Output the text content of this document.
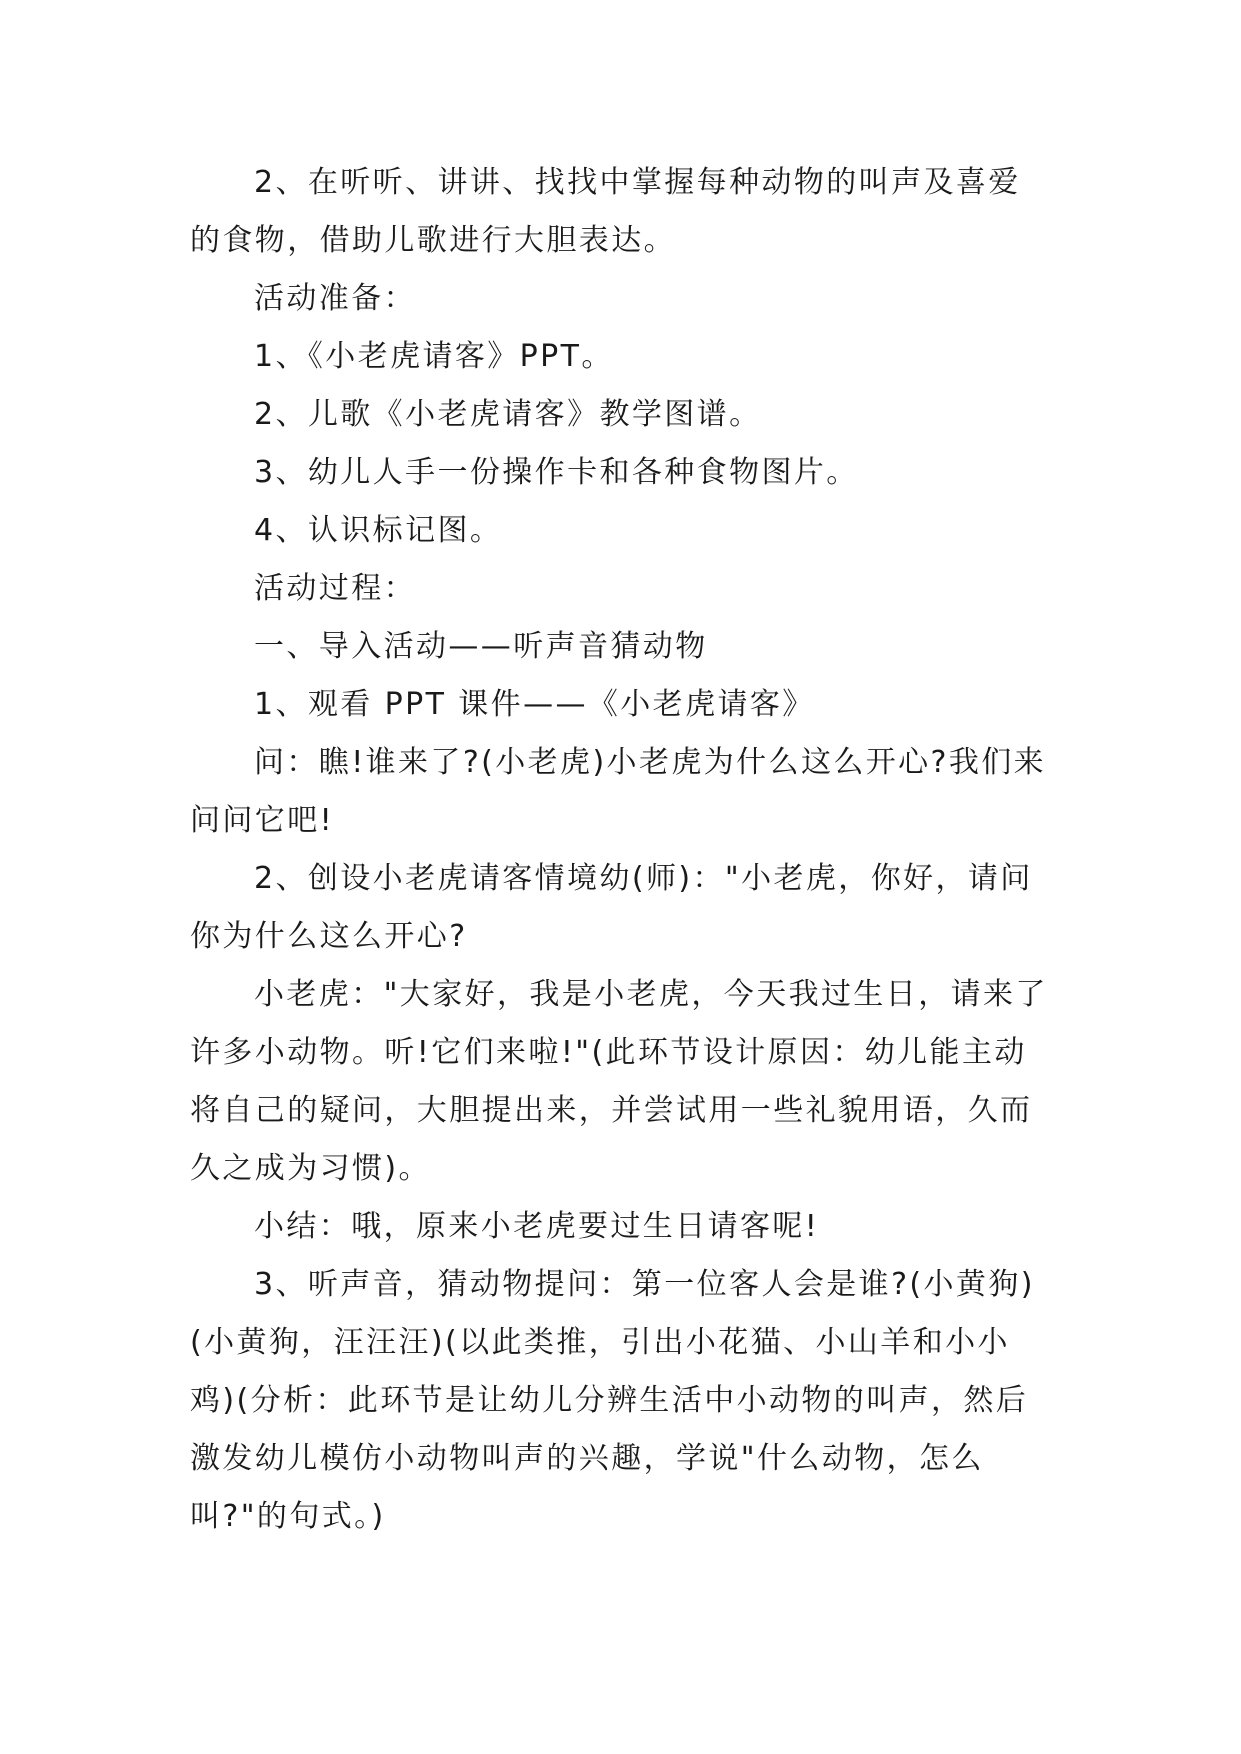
2、在听听、讲讲、找找中掌握每种动物的叫声及喜爱的食物，借助儿歌进行大胆表达。

活动准备：

1、《小老虎请客》PPT。

2、儿歌《小老虎请客》教学图谱。

3、幼儿人手一份操作卡和各种食物图片。

4、认识标记图。

活动过程：

一、导入活动——听声音猜动物

1、观看 PPT 课件——《小老虎请客》

问：瞧!谁来了?(小老虎)小老虎为什么这么开心?我们来问问它吧!

2、创设小老虎请客情境幼(师)："小老虎，你好，请问你为什么这么开心?

小老虎："大家好，我是小老虎，今天我过生日，请来了许多小动物。听!它们来啦!"(此环节设计原因：幼儿能主动将自己的疑问，大胆提出来，并尝试用一些礼貌用语，久而久之成为习惯)。

小结：哦，原来小老虎要过生日请客呢!

3、听声音，猜动物提问：第一位客人会是谁?(小黄狗)(小黄狗，汪汪汪)(以此类推，引出小花猫、小山羊和小小鸡)(分析：此环节是让幼儿分辨生活中小动物的叫声，然后激发幼儿模仿小动物叫声的兴趣，学说"什么动物，怎么叫?"的句式。)
